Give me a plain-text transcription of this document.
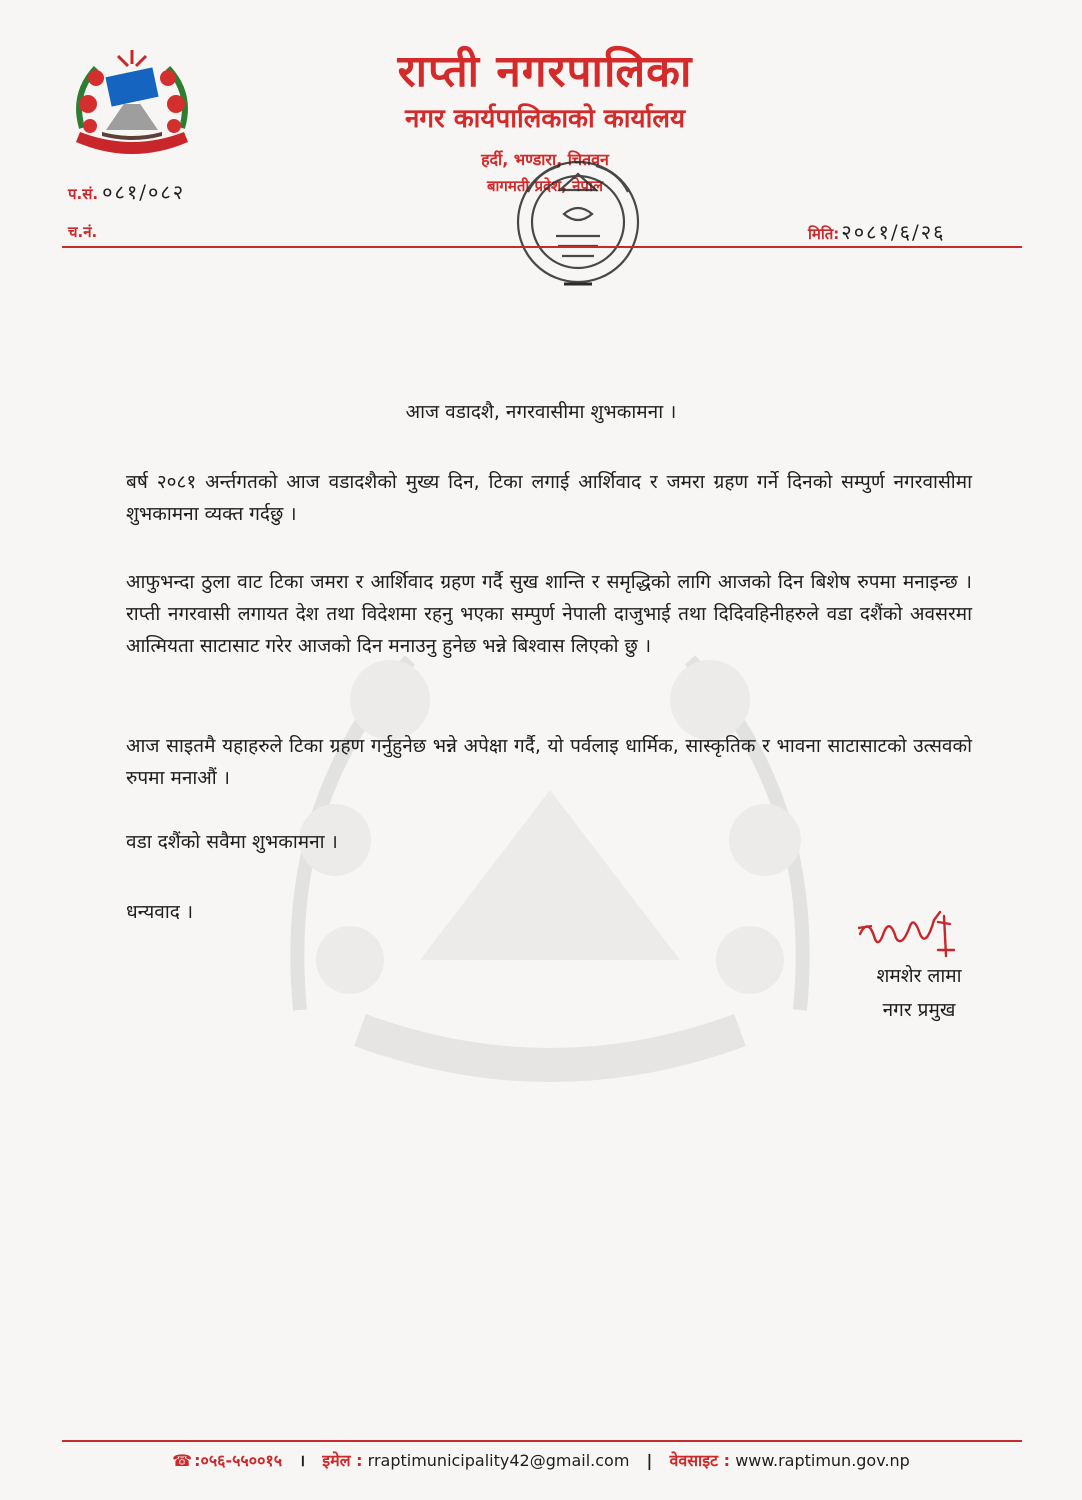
राप्ती नगरपालिका
नगर कार्यपालिकाको कार्यालय
हर्दी, भण्डारा, चितवन
बागमती प्रदेश, नेपाल
प.सं. ०८१/०८२
च.नं.	मिति: २०८१/६/२६
आज वडादशै, नगरवासीमा शुभकामना ।

बर्ष २०८१ अर्न्तगतको आज वडादशैको मुख्य दिन, टिका लगाई आर्शिवाद र जमरा ग्रहण गर्ने दिनको सम्पुर्ण नगरवासीमा शुभकामना व्यक्त गर्दछु ।

आफुभन्दा ठुला वाट टिका जमरा र आर्शिवाद ग्रहण गर्दै सुख शान्ति र समृद्धिको लागि आजको दिन बिशेष रुपमा मनाइन्छ । राप्ती नगरवासी लगायत देश तथा विदेशमा रहनु भएका सम्पुर्ण नेपाली दाजुभाई तथा दिदिवहिनीहरुले वडा दशैंको अवसरमा आत्मियता साटासाट गरेर आजको दिन मनाउनु हुनेछ भन्ने बिश्वास लिएको छु ।

आज साइतमै यहाहरुले टिका ग्रहण गर्नुहुनेछ भन्ने अपेक्षा गर्दै, यो पर्वलाइ धार्मिक, सास्कृतिक र भावना साटासाटको उत्सवको रुपमा मनाऔं ।

वडा दशैंको सवैमा शुभकामना ।
धन्यवाद ।
शमशेर लामा
नगर प्रमुख
☎ :०५६-५५००१५ । इमेल : rraptimunicipality42@gmail.com | वेवसाइट : www.raptimun.gov.np
